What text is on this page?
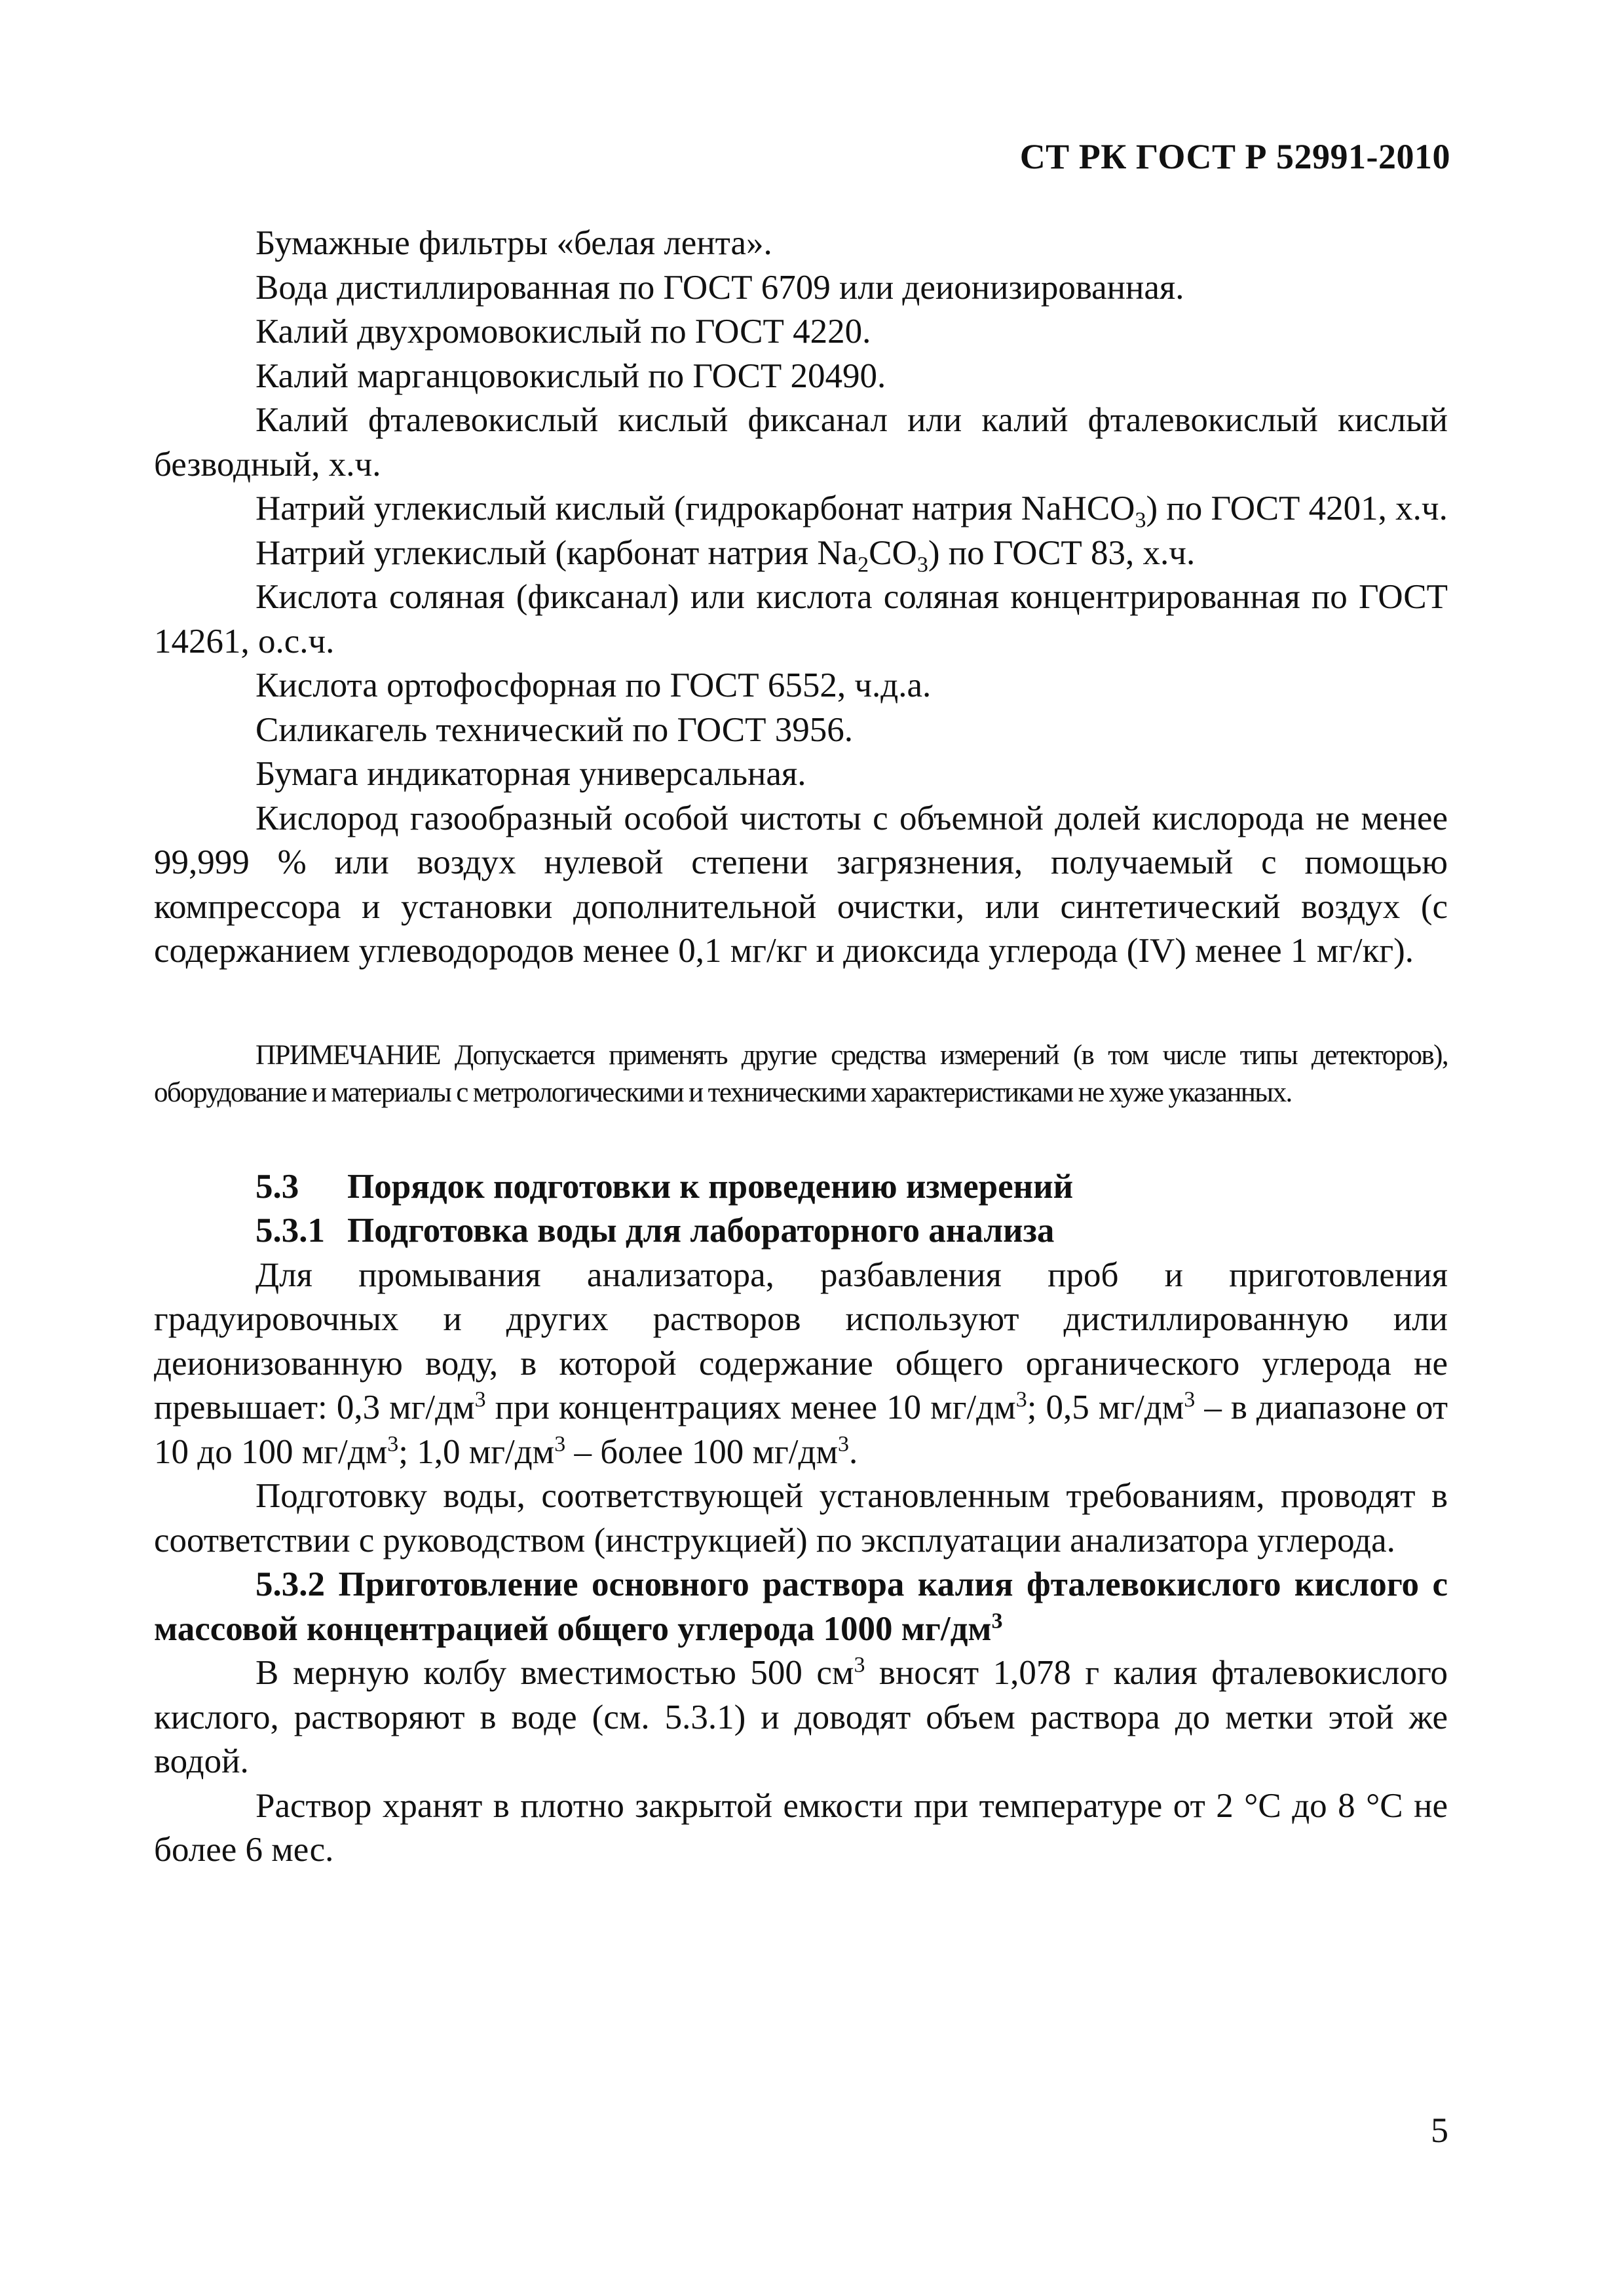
СТ РК ГОСТ Р 52991-2010

Бумажные фильтры «белая лента».

Вода дистиллированная по ГОСТ 6709 или деионизированная.

Калий двухромовокислый по ГОСТ 4220.

Калий марганцовокислый по ГОСТ 20490.

Калий фталевокислый кислый фиксанал или калий фталевокислый кислый безводный, х.ч.

Натрий углекислый кислый (гидрокарбонат натрия NaHCO$_3$) по ГОСТ 4201, х.ч.

Натрий углекислый (карбонат натрия $Na_2CO_3$) по ГОСТ 83, х.ч.

Кислота соляная (фиксанал) или кислота соляная концентрированная по ГОСТ 14261, о.с.ч.

Кислота ортофосфорная по ГОСТ 6552, ч.д.а.

Силикагель технический по ГОСТ 3956.

Бумага индикаторная универсальная.

Кислород газообразный особой чистоты с объемной долей кислорода не менее 99,999 % или воздух нулевой степени загрязнения, получаемый с помощью компрессора и установки дополнительной очистки, или синтетический воздух (с содержанием углеводородов менее 0,1 мг/кг и диоксида углерода (IV) менее 1 мг/кг).

ПРИМЕЧАНИЕ Допускается применять другие средства измерений (в том числе типы детекторов), оборудование и материалы с метрологическими и техническими характеристиками не хуже указанных.

5.3 Порядок подготовки к проведению измерений

5.3.1 Подготовка воды для лабораторного анализа

Для промывания анализатора, разбавления проб и приготовления градуировочных и других растворов используют дистиллированную или деионизованную воду, в которой содержание общего органического углерода не превышает: 0,3 $мг/дм^3$ при концентрациях менее 10 $мг/дм^3$; 0,5 $мг/дм^3$ – в диапазоне от 10 до 100 $мг/дм^3$; 1,0 $мг/дм^3$ – более 100 $мг/дм^3$.

Подготовку воды, соответствующей установленным требованиям, проводят в соответствии с руководством (инструкцией) по эксплуатации анализатора углерода.

5.3.2 Приготовление основного раствора калия фталевокислого кислого с массовой концентрацией общего углерода 1000 $мг/дм^3$

В мерную колбу вместимостью 500 $см^3$ вносят 1,078 г калия фталевокислого кислого, растворяют в воде (см. 5.3.1) и доводят объем раствора до метки этой же водой.

Раствор хранят в плотно закрытой емкости при температуре от 2 °С до 8 °С не более 6 мес.

5
